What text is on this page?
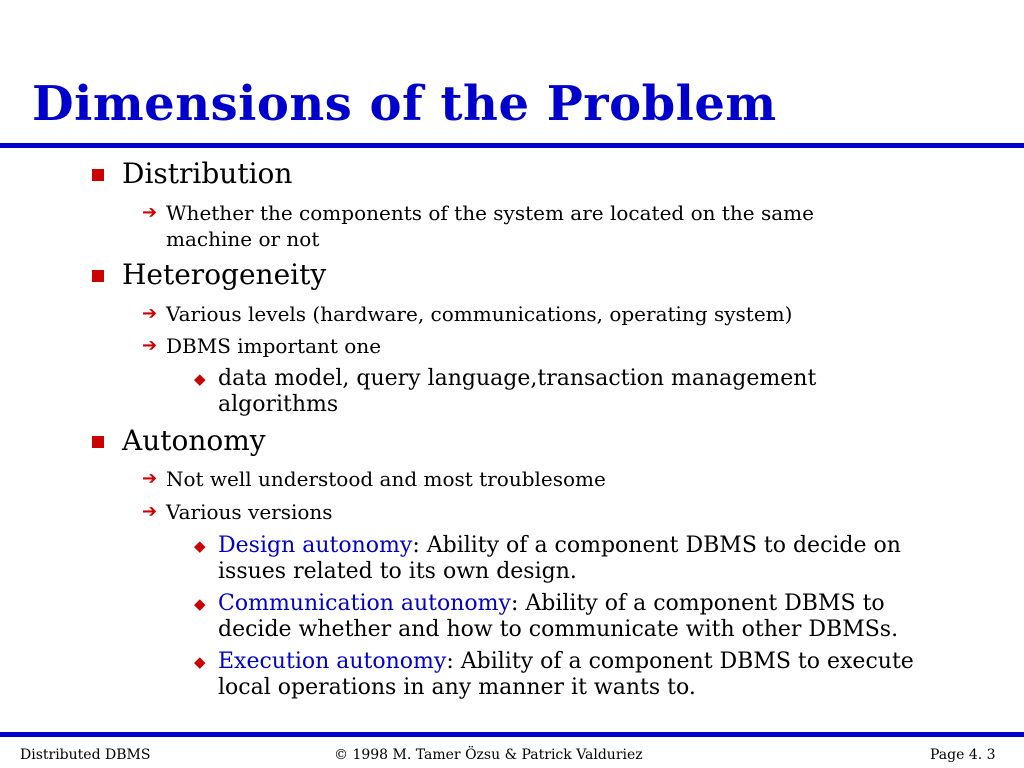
Dimensions of the Problem
Distribution
➔ Whether the components of the system are located on the same
machine or not
Heterogeneity
➔ Various levels (hardware, communications, operating system)
➔ DBMS important one
◆ data model, query language,transaction management
algorithms
Autonomy
➔ Not well understood and most troublesome
➔ Various versions
◆ Design autonomy: Ability of a component DBMS to decide on
issues related to its own design.
◆ Communication autonomy: Ability of a component DBMS to
decide whether and how to communicate with other DBMSs.
◆ Execution autonomy: Ability of a component DBMS to execute
local operations in any manner it wants to.
Distributed DBMS	© 1998 M. Tamer Özsu & Patrick Valduriez	Page 4. 3
